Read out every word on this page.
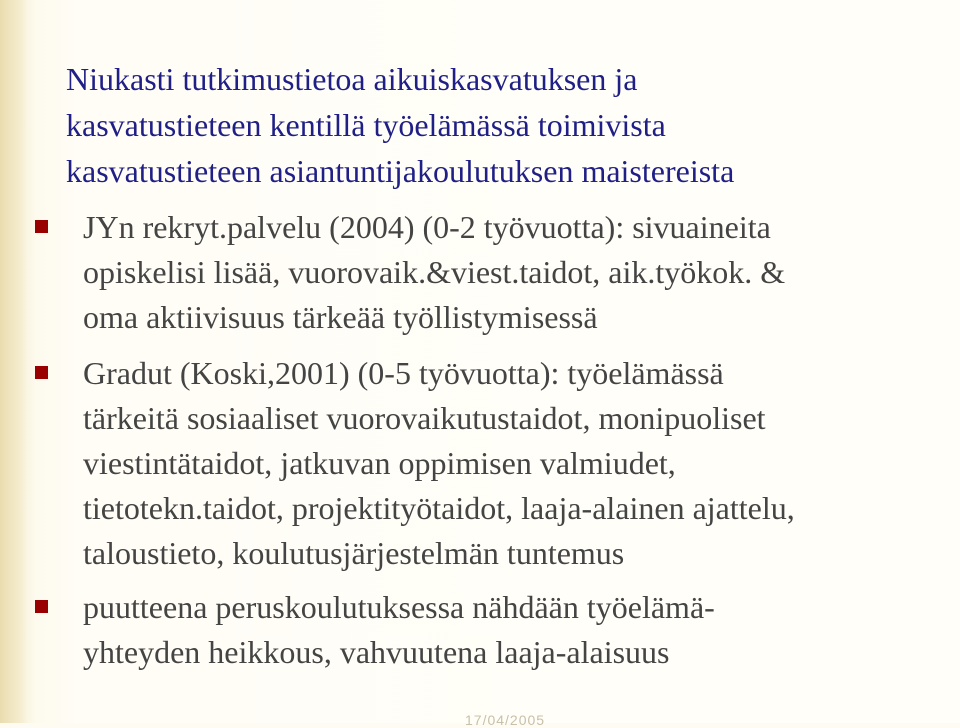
Niukasti tutkimustietoa aikuiskasvatuksen ja
kasvatustieteen kentillä työelämässä toimivista
kasvatustieteen asiantuntijakoulutuksen maistereista
JYn rekryt.palvelu (2004) (0-2 työvuotta): sivuaineita
opiskelisi lisää, vuorovaik.&viest.taidot, aik.työkok. &
oma aktiivisuus tärkeää työllistymisessä
Gradut (Koski,2001) (0-5 työvuotta): työelämässä
tärkeitä sosiaaliset vuorovaikutustaidot, monipuoliset
viestintätaidot, jatkuvan oppimisen valmiudet,
tietotekn.taidot, projektityötaidot, laaja-alainen ajattelu,
taloustieto, koulutusjärjestelmän tuntemus
puutteena peruskoulutuksessa nähdään työelämä-
yhteyden heikkous, vahvuutena laaja-alaisuus
17/04/2005
